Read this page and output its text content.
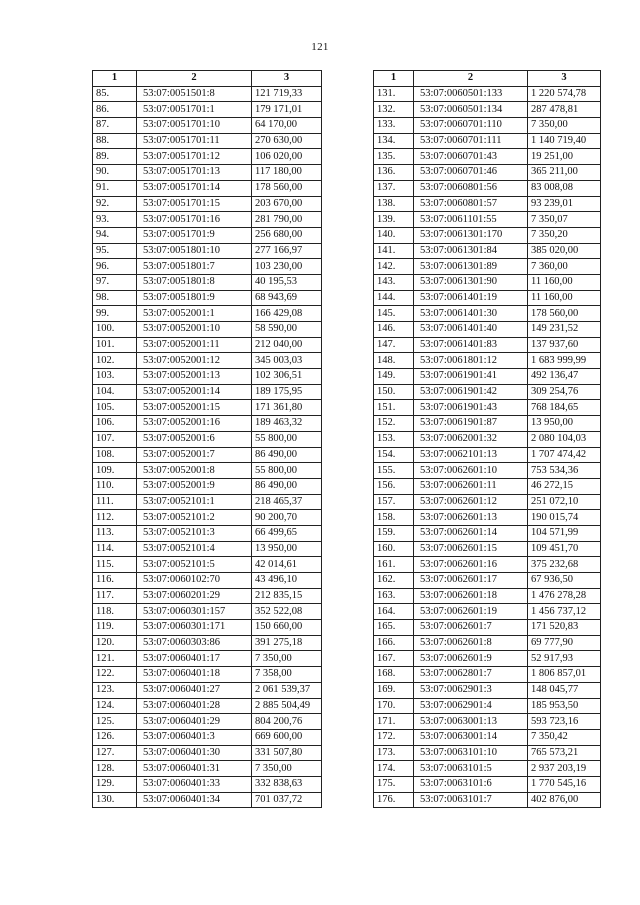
121
1	2	3
85.	53:07:0051501:8	121 719,33
86.	53:07:0051701:1	179 171,01
87.	53:07:0051701:10	64 170,00
88.	53:07:0051701:11	270 630,00
89.	53:07:0051701:12	106 020,00
90.	53:07:0051701:13	117 180,00
91.	53:07:0051701:14	178 560,00
92.	53:07:0051701:15	203 670,00
93.	53:07:0051701:16	281 790,00
94.	53:07:0051701:9	256 680,00
95.	53:07:0051801:10	277 166,97
96.	53:07:0051801:7	103 230,00
97.	53:07:0051801:8	40 195,53
98.	53:07:0051801:9	68 943,69
99.	53:07:0052001:1	166 429,08
100.	53:07:0052001:10	58 590,00
101.	53:07:0052001:11	212 040,00
102.	53:07:0052001:12	345 003,03
103.	53:07:0052001:13	102 306,51
104.	53:07:0052001:14	189 175,95
105.	53:07:0052001:15	171 361,80
106.	53:07:0052001:16	189 463,32
107.	53:07:0052001:6	55 800,00
108.	53:07:0052001:7	86 490,00
109.	53:07:0052001:8	55 800,00
110.	53:07:0052001:9	86 490,00
111.	53:07:0052101:1	218 465,37
112.	53:07:0052101:2	90 200,70
113.	53:07:0052101:3	66 499,65
114.	53:07:0052101:4	13 950,00
115.	53:07:0052101:5	42 014,61
116.	53:07:0060102:70	43 496,10
117.	53:07:0060201:29	212 835,15
118.	53:07:0060301:157	352 522,08
119.	53:07:0060301:171	150 660,00
120.	53:07:0060303:86	391 275,18
121.	53:07:0060401:17	7 350,00
122.	53:07:0060401:18	7 358,00
123.	53:07:0060401:27	2 061 539,37
124.	53:07:0060401:28	2 885 504,49
125.	53:07:0060401:29	804 200,76
126.	53:07:0060401:3	669 600,00
127.	53:07:0060401:30	331 507,80
128.	53:07:0060401:31	7 350,00
129.	53:07:0060401:33	332 838,63
130.	53:07:0060401:34	701 037,72
1	2	3
131.	53:07:0060501:133	1 220 574,78
132.	53:07:0060501:134	287 478,81
133.	53:07:0060701:110	7 350,00
134.	53:07:0060701:111	1 140 719,40
135.	53:07:0060701:43	19 251,00
136.	53:07:0060701:46	365 211,00
137.	53:07:0060801:56	83 008,08
138.	53:07:0060801:57	93 239,01
139.	53:07:0061101:55	7 350,07
140.	53:07:0061301:170	7 350,20
141.	53:07:0061301:84	385 020,00
142.	53:07:0061301:89	7 360,00
143.	53:07:0061301:90	11 160,00
144.	53:07:0061401:19	11 160,00
145.	53:07:0061401:30	178 560,00
146.	53:07:0061401:40	149 231,52
147.	53:07:0061401:83	137 937,60
148.	53:07:0061801:12	1 683 999,99
149.	53:07:0061901:41	492 136,47
150.	53:07:0061901:42	309 254,76
151.	53:07:0061901:43	768 184,65
152.	53:07:0061901:87	13 950,00
153.	53:07:0062001:32	2 080 104,03
154.	53:07:0062101:13	1 707 474,42
155.	53:07:0062601:10	753 534,36
156.	53:07:0062601:11	46 272,15
157.	53:07:0062601:12	251 072,10
158.	53:07:0062601:13	190 015,74
159.	53:07:0062601:14	104 571,99
160.	53:07:0062601:15	109 451,70
161.	53:07:0062601:16	375 232,68
162.	53:07:0062601:17	67 936,50
163.	53:07:0062601:18	1 476 278,28
164.	53:07:0062601:19	1 456 737,12
165.	53:07:0062601:7	171 520,83
166.	53:07:0062601:8	69 777,90
167.	53:07:0062601:9	52 917,93
168.	53:07:0062801:7	1 806 857,01
169.	53:07:0062901:3	148 045,77
170.	53:07:0062901:4	185 953,50
171.	53:07:0063001:13	593 723,16
172.	53:07:0063001:14	7 350,42
173.	53:07:0063101:10	765 573,21
174.	53:07:0063101:5	2 937 203,19
175.	53:07:0063101:6	1 770 545,16
176.	53:07:0063101:7	402 876,00
